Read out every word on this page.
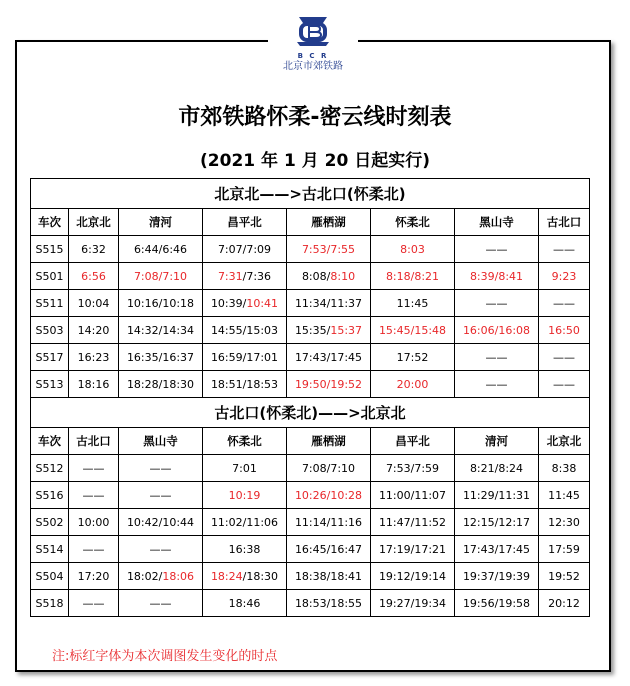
B C R
北京市郊铁路
市郊铁路怀柔-密云线时刻表
(2021 年 1 月 20 日起实行)
北京北——>古北口(怀柔北)							
车次	北京北	清河	昌平北	雁栖湖	怀柔北	黑山寺	古北口
S515	6:32	6:44/6:46	7:07/7:09	7:53/7:55	8:03	——	——
S501	6:56	7:08/7:10	7:31/7:36	8:08/8:10	8:18/8:21	8:39/8:41	9:23
S511	10:04	10:16/10:18	10:39/10:41	11:34/11:37	11:45	——	——
S503	14:20	14:32/14:34	14:55/15:03	15:35/15:37	15:45/15:48	16:06/16:08	16:50
S517	16:23	16:35/16:37	16:59/17:01	17:43/17:45	17:52	——	——
S513	18:16	18:28/18:30	18:51/18:53	19:50/19:52	20:00	——	——
古北口(怀柔北)——>北京北							
车次	古北口	黑山寺	怀柔北	雁栖湖	昌平北	清河	北京北
S512	——	——	7:01	7:08/7:10	7:53/7:59	8:21/8:24	8:38
S516	——	——	10:19	10:26/10:28	11:00/11:07	11:29/11:31	11:45
S502	10:00	10:42/10:44	11:02/11:06	11:14/11:16	11:47/11:52	12:15/12:17	12:30
S514	——	——	16:38	16:45/16:47	17:19/17:21	17:43/17:45	17:59
S504	17:20	18:02/18:06	18:24/18:30	18:38/18:41	19:12/19:14	19:37/19:39	19:52
S518	——	——	18:46	18:53/18:55	19:27/19:34	19:56/19:58	20:12
注:标红字体为本次调图发生变化的时点
